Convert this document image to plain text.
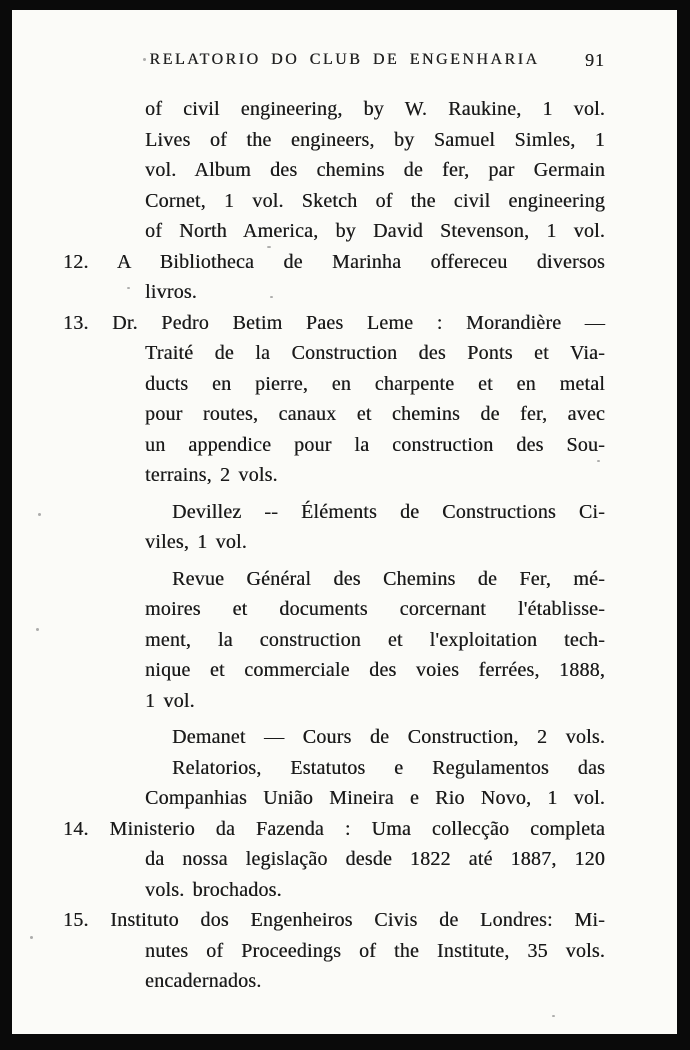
RELATORIO DO CLUB DE ENGENHARIA	91
of civil engineering, by W. Raukine, 1 vol.
Lives of the engineers, by Samuel Simles, 1
vol. Album des chemins de fer, par Germain
Cornet, 1 vol. Sketch of the civil engineering
of North America, by David Stevenson, 1 vol.
12. A Bibliotheca de Marinha offereceu diversos
livros.
13. Dr. Pedro Betim Paes Leme : Morandière —
Traité de la Construction des Ponts et Via-
ducts en pierre, en charpente et en metal
pour routes, canaux et chemins de fer, avec
un appendice pour la construction des Sou-
terrains, 2 vols.
Devillez -- Éléments de Constructions Ci-
viles, 1 vol.
Revue Général des Chemins de Fer, mé-
moires et documents corcernant l'établisse-
ment, la construction et l'exploitation tech-
nique et commerciale des voies ferrées, 1888,
1 vol.
Demanet — Cours de Construction, 2 vols.
Relatorios, Estatutos e Regulamentos das
Companhias União Mineira e Rio Novo, 1 vol.
14. Ministerio da Fazenda : Uma collecção completa
da nossa legislação desde 1822 até 1887, 120
vols. brochados.
15. Instituto dos Engenheiros Civis de Londres: Mi-
nutes of Proceedings of the Institute, 35 vols.
encadernados.
